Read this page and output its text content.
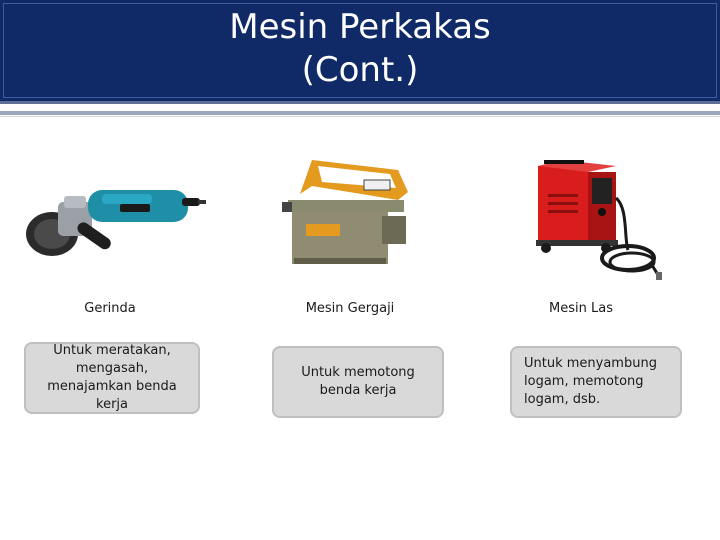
Mesin Perkakas
(Cont.)
Gerinda
Untuk meratakan, mengasah, menajamkan benda kerja
Mesin Gergaji
Untuk memotong benda kerja
Mesin Las
Untuk menyambung logam, memotong logam, dsb.
